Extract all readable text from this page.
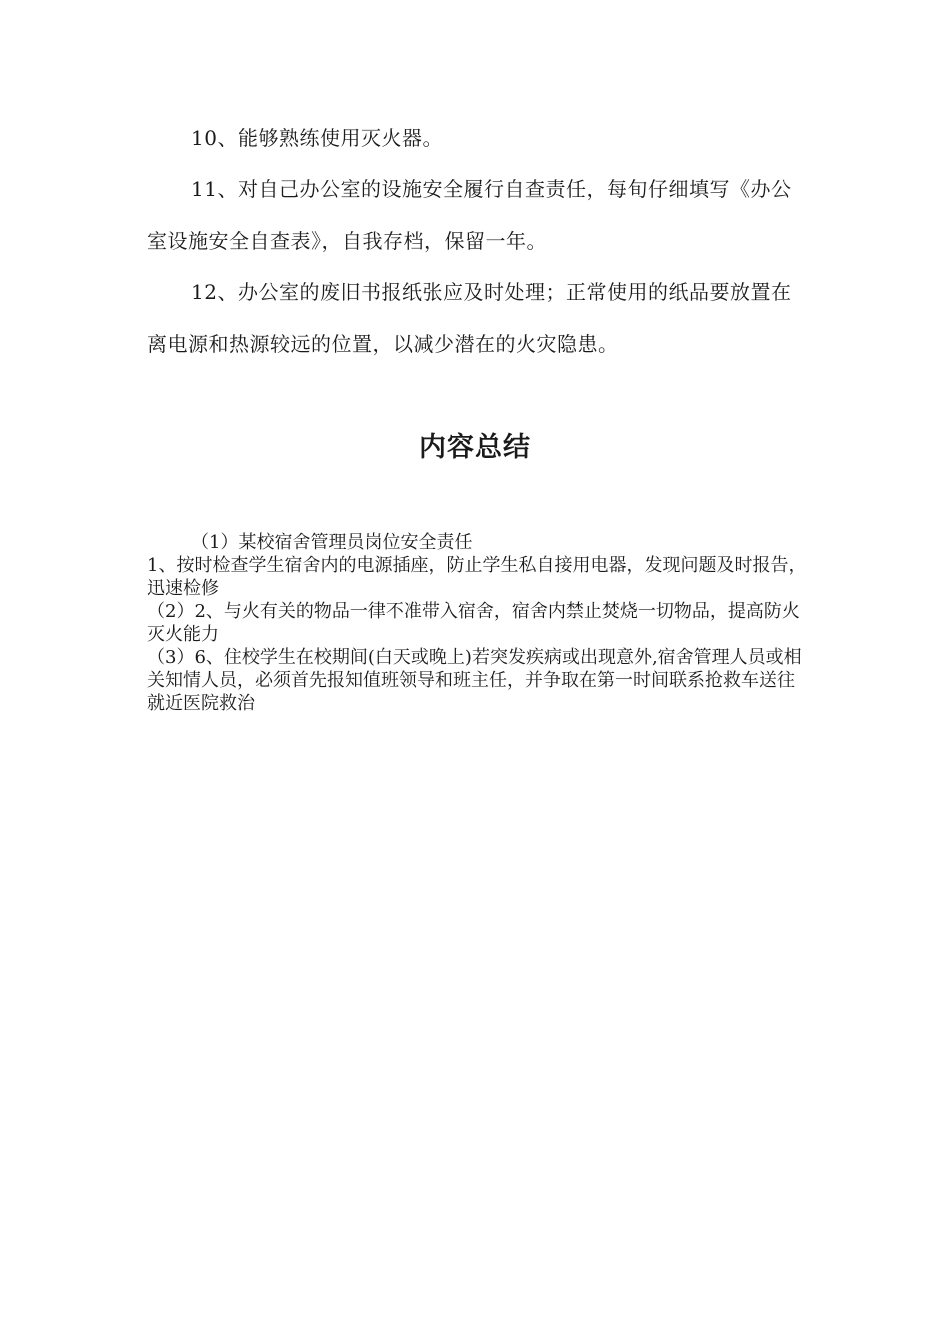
10、能够熟练使用灭火器。

11、对自己办公室的设施安全履行自查责任，每旬仔细填写《办公室设施安全自查表》，自我存档，保留一年。

12、办公室的废旧书报纸张应及时处理；正常使用的纸品要放置在离电源和热源较远的位置，以减少潜在的火灾隐患。

内容总结

（1）某校宿舍管理员岗位安全责任

1、按时检查学生宿舍内的电源插座，防止学生私自接用电器，发现问题及时报告，迅速检修

（2）2、与火有关的物品一律不准带入宿舍，宿舍内禁止焚烧一切物品，提高防火灭火能力

（3）6、住校学生在校期间(白天或晚上)若突发疾病或出现意外,宿舍管理人员或相关知情人员，必须首先报知值班领导和班主任，并争取在第一时间联系抢救车送往就近医院救治
